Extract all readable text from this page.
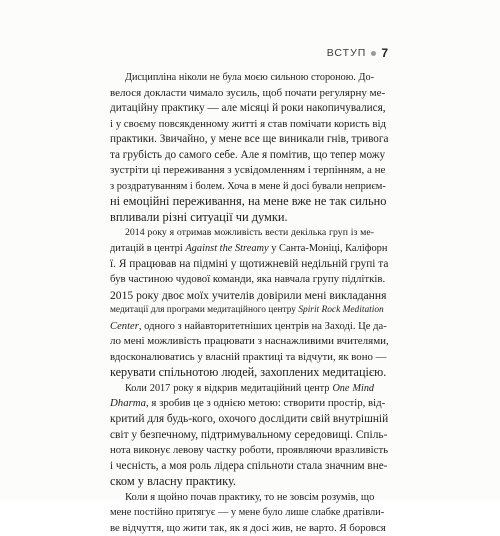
ВСТУП 7

Дисципліна ніколи не була моєю сильною стороною. До-
велося докласти чимало зусиль, щоб почати регулярну ме-
дитаційну практику — але місяці й роки накопичувалися,
і у своєму повсякденному житті я став помічати користь від
практики. Звичайно, у мене все ще виникали гнів, тривога
та грубість до самого себе. Але я помітив, що тепер можу
зустріти ці переживання з усвідомленням і терпінням, а не
з роздратуванням і болем. Хоча в мене й досі бували неприєм-
ні емоційні переживання, на мене вже не так сильно
впливали різні ситуації чи думки.

2014 року я отримав можливість вести декілька груп із ме-
дитацій в центрі Against the Streamy у Санта-Моніці, Каліфорн
ї. Я працював на підміні у щотижневій недільній групі та
був частиною чудової команди, яка навчала групу підлітків.
2015 року двоє моїх учителів довірили мені викладання
медитації для програми медитаційного центру Spirit Rock Meditation
Center, одного з найавторитетніших центрів на Заході. Це да-
ло мені можливість працювати з наснажливими вчителями,
вдосконалюватись у власній практиці та відчути, як воно —
керувати спільнотою людей, захоплених медитацією.

Коли 2017 року я відкрив медитаційний центр One Mind
Dharma, я зробив це з однією метою: створити простір, від-
критий для будь-кого, охочого дослідити свій внутрішній
світ у безпечному, підтримувальному середовищі. Спіль-
нота виконує левову частку роботи, проявляючи вразливість
і чесність, а моя роль лідера спільноти стала значним вне-
ском у власну практику.

Коли я щойно почав практику, то не зовсім розумів, що
мене постійно притягує — у мене було лише слабке дратівли-
ве відчуття, що жити так, як я досі жив, не варто. Я боровся
